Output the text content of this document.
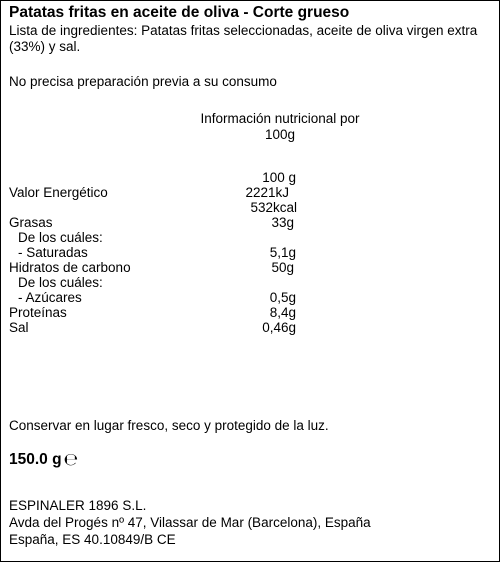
Patatas fritas en aceite de oliva - Corte grueso
Lista de ingredientes: Patatas fritas seleccionadas, aceite de oliva virgen extra (33%) y sal.
No precisa preparación previa a su consumo
Información nutricional por 100g
100 g
Valor Energético	2221kJ
532kcal
Grasas	33g
De los cuáles:
- Saturadas	5,1g
Hidratos de carbono	50g
De los cuáles:
- Azúcares	0,5g
Proteínas	8,4g
Sal	0,46g
Conservar en lugar fresco, seco y protegido de la luz.
150.0 g ℮
ESPINALER 1896 S.L.
Avda del Progés nº 47, Vilassar de Mar (Barcelona), España
España, ES 40.10849/B CE
